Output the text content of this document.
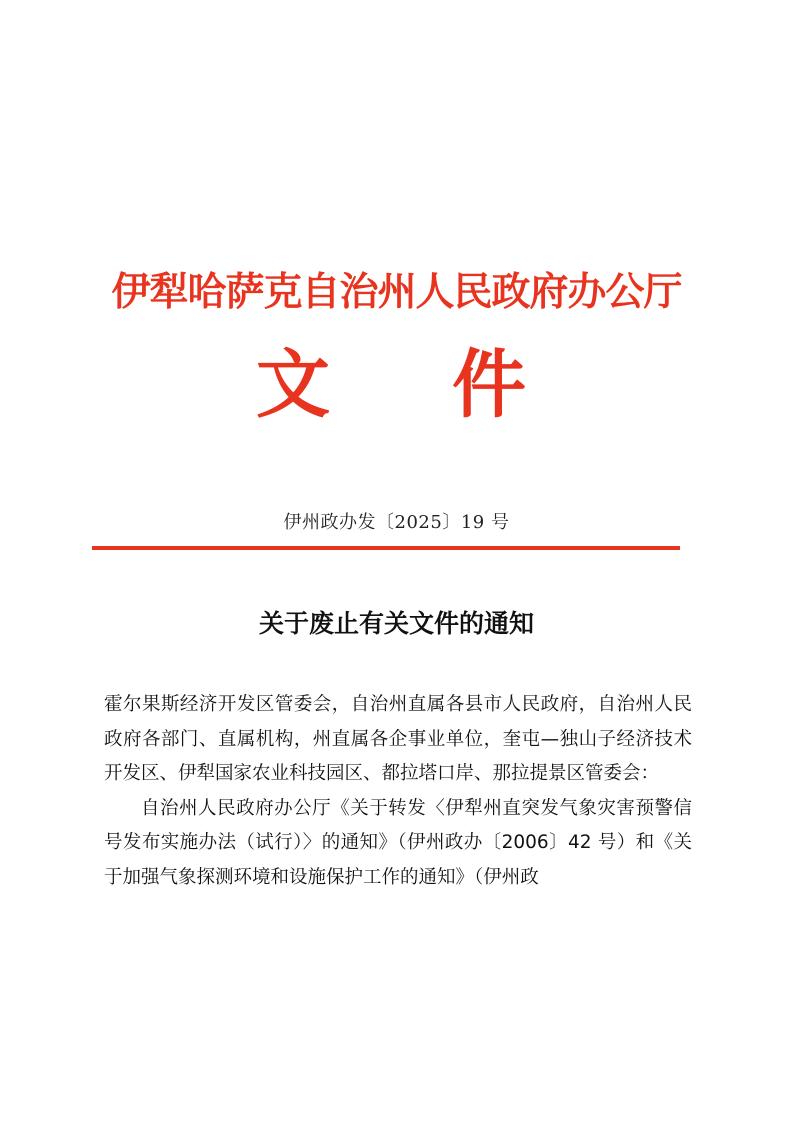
伊犁哈萨克自治州人民政府办公厅
文 件
伊州政办发〔2025〕19 号
关于废止有关文件的通知

霍尔果斯经济开发区管委会，自治州直属各县市人民政府，自治州人民政府各部门、直属机构，州直属各企事业单位，奎屯—独山子经济技术开发区、伊犁国家农业科技园区、都拉塔口岸、那拉提景区管委会：

自治州人民政府办公厅《关于转发〈伊犁州直突发气象灾害预警信号发布实施办法（试行）〉的通知》（伊州政办〔2006〕42 号）和《关于加强气象探测环境和设施保护工作的通知》（伊州政
